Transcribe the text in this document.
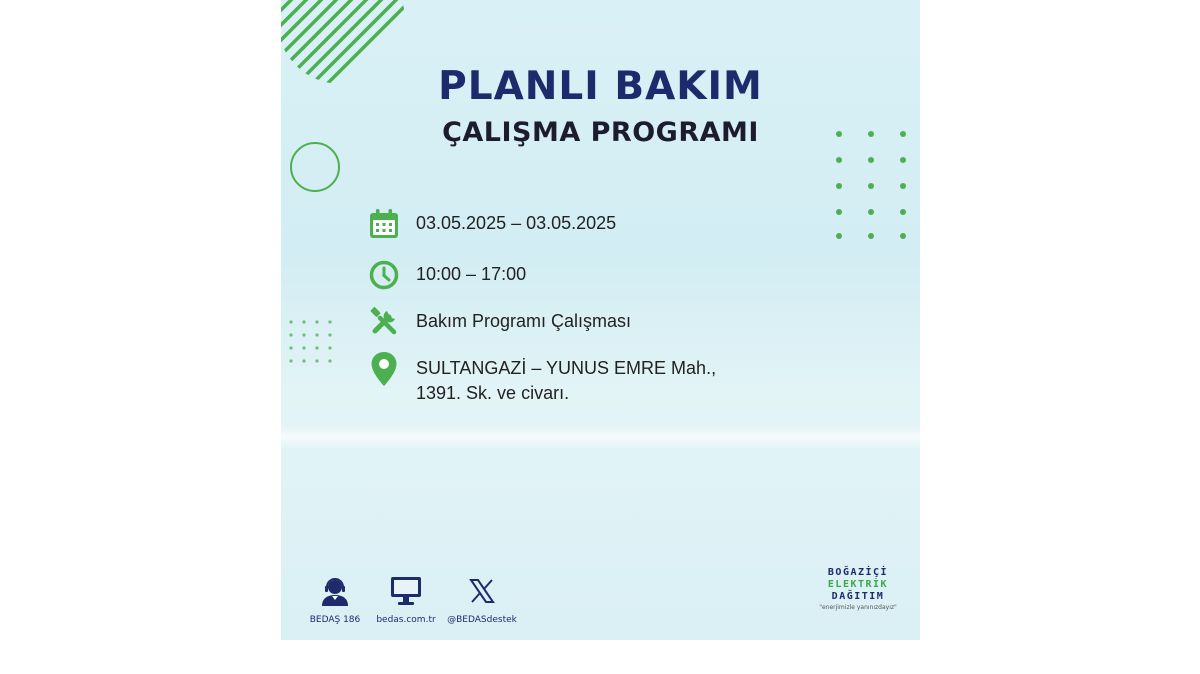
PLANLI BAKIM
ÇALIŞMA PROGRAMI
03.05.2025 – 03.05.2025
10:00 – 17:00
Bakım Programı Çalışması
SULTANGAZİ – YUNUS EMRE Mah.,
1391. Sk. ve civarı.
BEDAŞ 186 bedas.com.tr @BEDASdestek
BOĞAZİÇİ
ELEKTRİK
DAĞITIM
"enerjimizle yanınızdayız"
